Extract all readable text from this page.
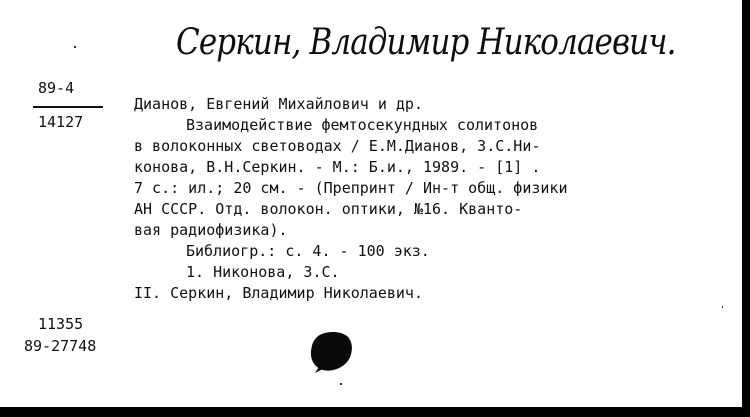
Серкин, Владимир Николаевич.
89-4
14127
Дианов, Евгений Михайлович и др.
Взаимодействие фемтосекундных солитонов
в волоконных световодах / Е.М.Дианов, З.С.Ни-
конова, В.Н.Серкин. - М.: Б.и., 1989. - [1] .
7 с.: ил.; 20 см. - (Препринт / Ин-т общ. физики
АН СССР. Отд. волокон. оптики, №16. Кванто-
вая радиофизика).
Библиогр.: с. 4. - 100 экз.
1. Никонова, З.С.
II. Серкин, Владимир Николаевич.
11355
89-27748
